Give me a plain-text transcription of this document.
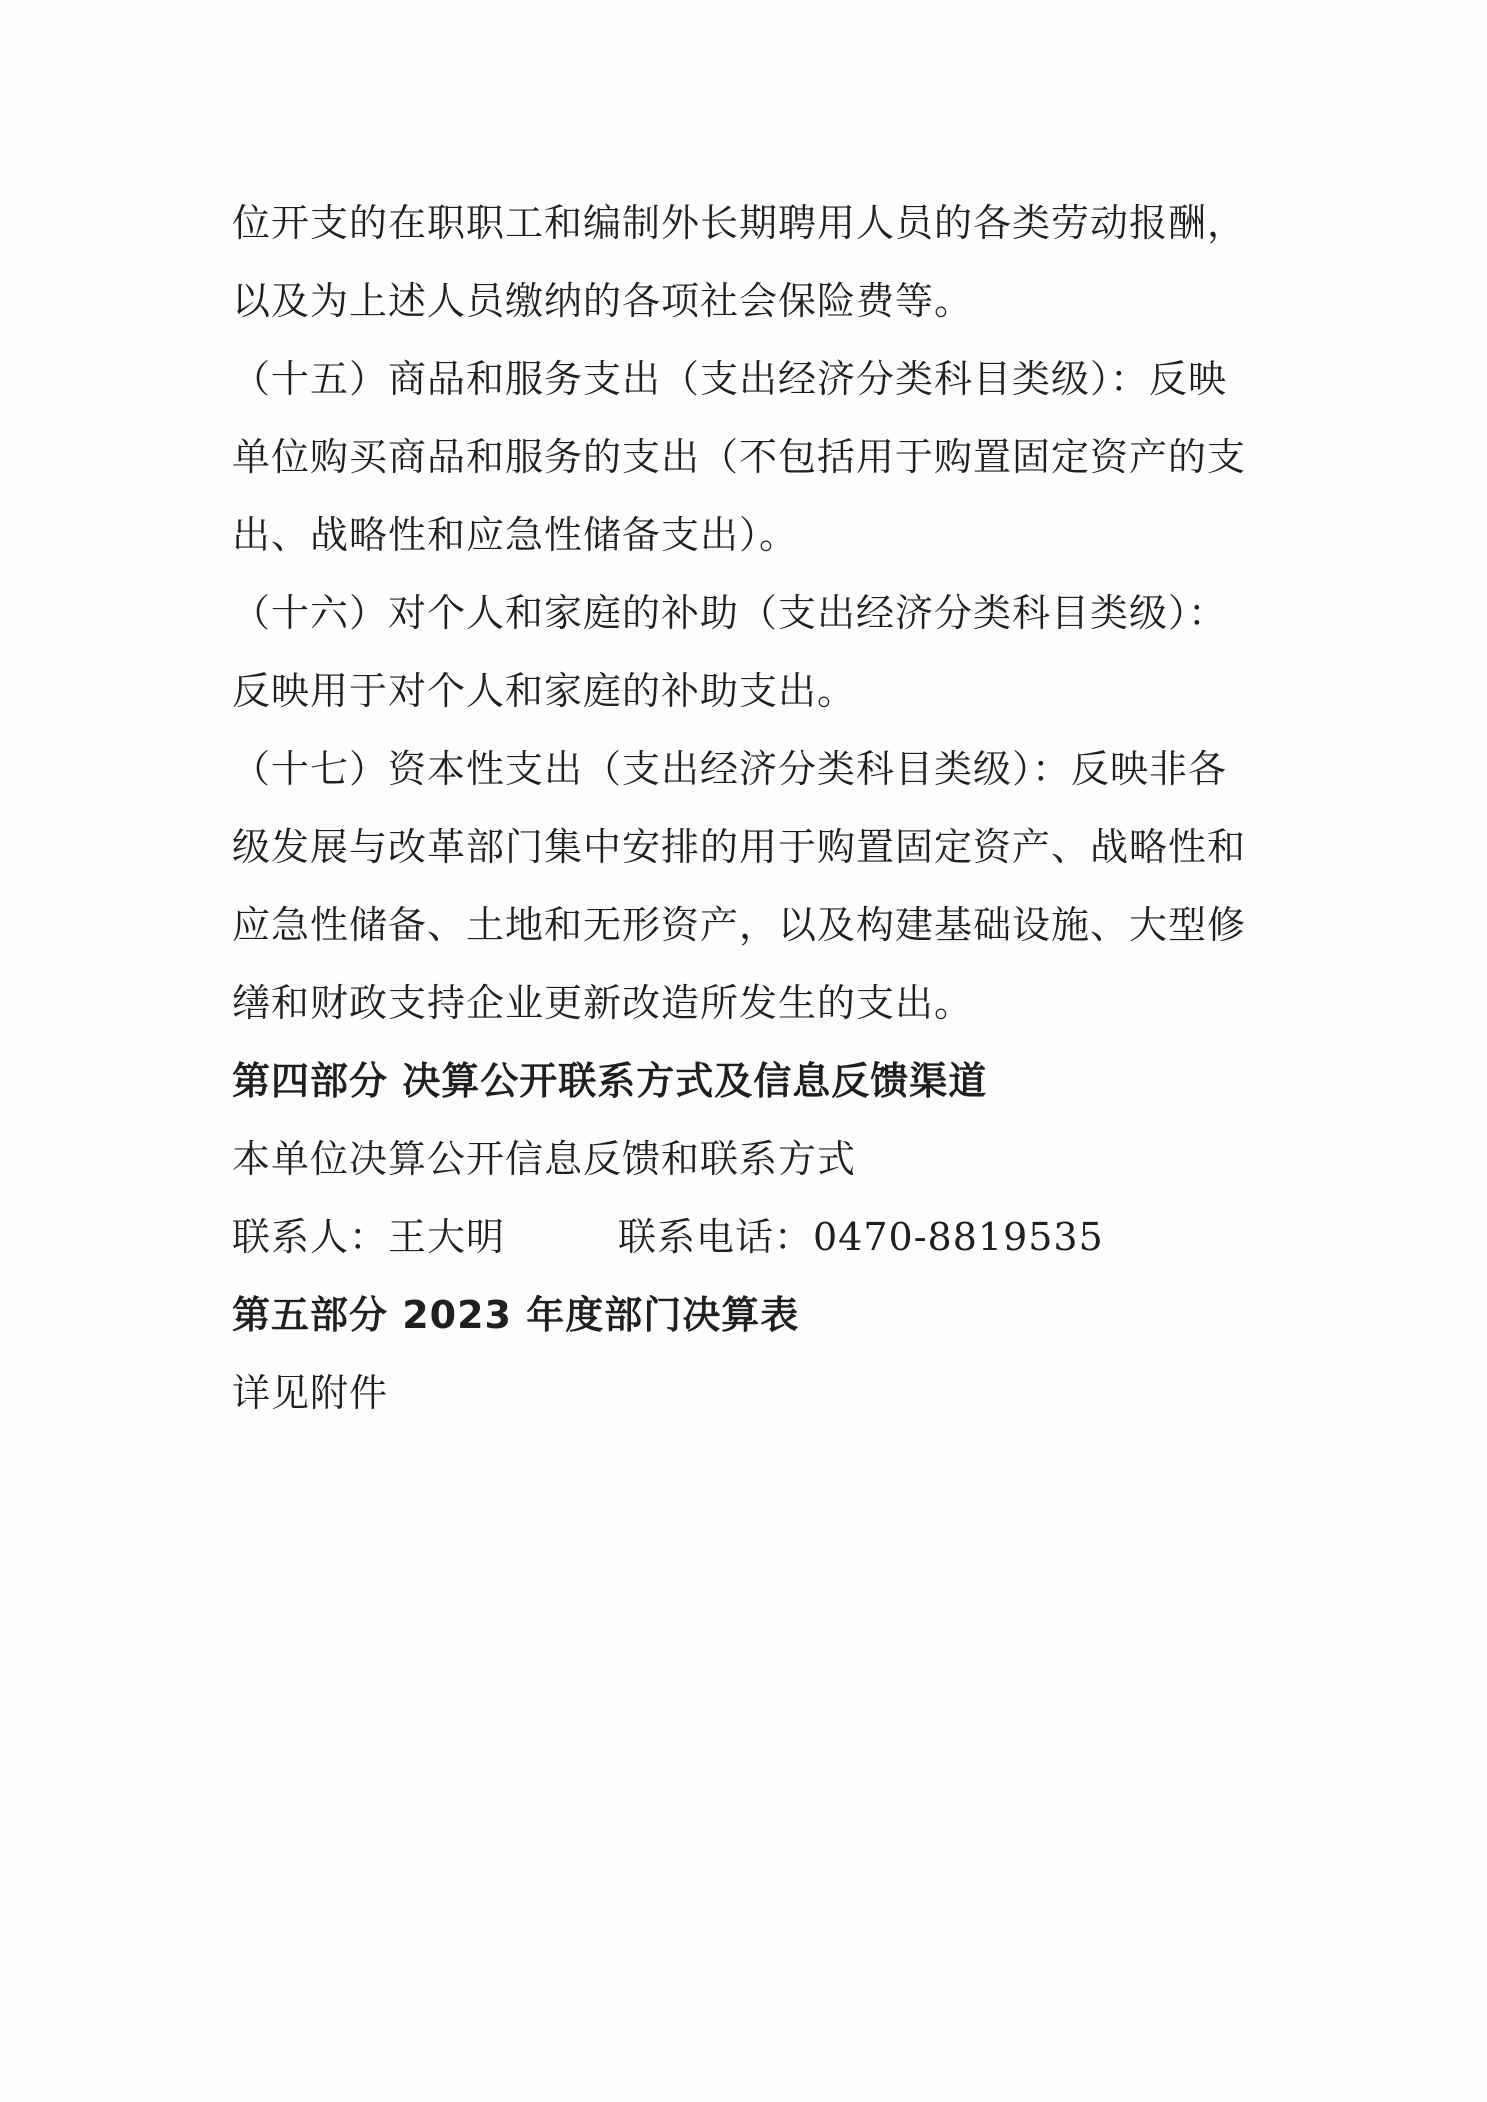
位开支的在职职工和编制外长期聘用人员的各类劳动报酬，
以及为上述人员缴纳的各项社会保险费等。
（十五）商品和服务支出（支出经济分类科目类级）：反映
单位购买商品和服务的支出（不包括用于购置固定资产的支
出、战略性和应急性储备支出）。
（十六）对个人和家庭的补助（支出经济分类科目类级）：
反映用于对个人和家庭的补助支出。
（十七）资本性支出（支出经济分类科目类级）：反映非各
级发展与改革部门集中安排的用于购置固定资产、战略性和
应急性储备、土地和无形资产，以及构建基础设施、大型修
缮和财政支持企业更新改造所发生的支出。
第四部分 决算公开联系方式及信息反馈渠道
本单位决算公开信息反馈和联系方式
联系人：王大明	联系电话：0470-8819535
第五部分 2023 年度部门决算表
详见附件
